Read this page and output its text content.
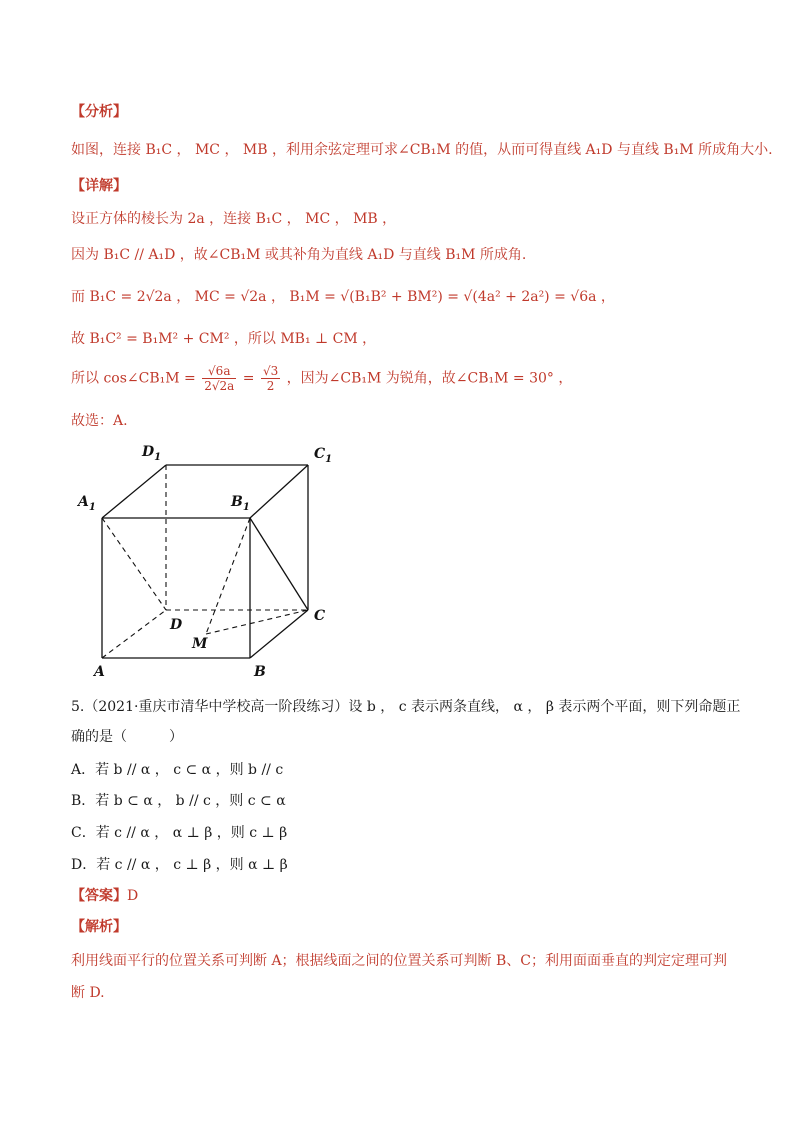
【分析】
如图，连接 B₁C ， MC ， MB ，利用余弦定理可求∠CB₁M 的值，从而可得直线 A₁D 与直线 B₁M 所成角大小.
【详解】
设正方体的棱长为 2a ，连接 B₁C ， MC ， MB ，
因为 B₁C // A₁D ，故∠CB₁M 或其补角为直线 A₁D 与直线 B₁M 所成角.
而 B₁C = 2√2a ， MC = √2a ， B₁M = √(B₁B² + BM²) = √(4a² + 2a²) = √6a ，
故 B₁C² = B₁M² + CM² ，所以 MB₁ ⊥ CM ，
所以 cos∠CB₁M = $\frac{√6a}{2√2a} = \frac{√3}{2}$ ，因为∠CB₁M 为锐角，故∠CB₁M = 30° ，
故选：A.
$D_1$	$C_1$
$A_1$	$B_1$
D
C
M
A	B
5.（2021·重庆市清华中学校高一阶段练习）设 b ， c 表示两条直线， α ， β 表示两个平面，则下列命题正
确的是（　　　）
A．若 b // α ， c ⊂ α ，则 b // c
B．若 b ⊂ α ， b // c ，则 c ⊂ α
C．若 c // α ， α ⊥ β ，则 c ⊥ β
D．若 c // α ， c ⊥ β ，则 α ⊥ β
【答案】D
【解析】
利用线面平行的位置关系可判断 A；根据线面之间的位置关系可判断 B、C；利用面面垂直的判定定理可判
断 D.
